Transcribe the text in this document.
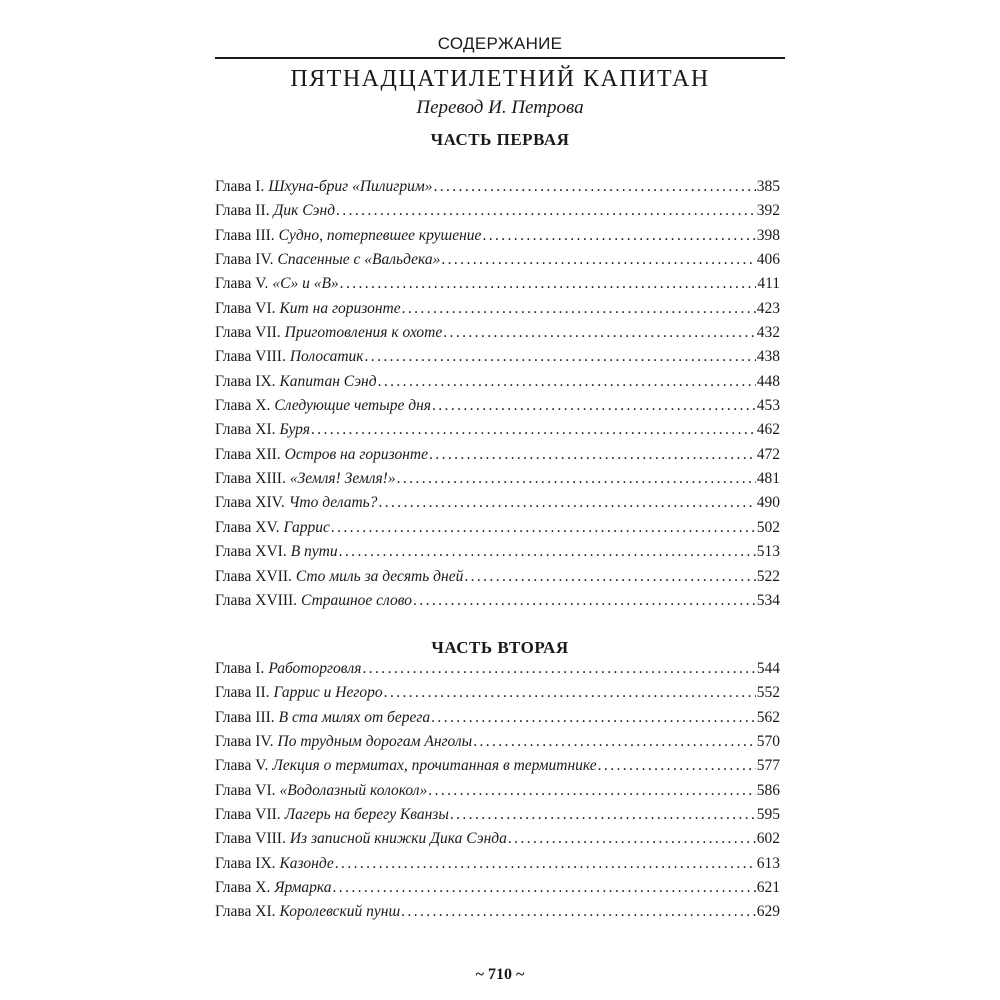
СОДЕРЖАНИЕ
ПЯТНАДЦАТИЛЕТНИЙ КАПИТАН
Перевод И. Петрова
ЧАСТЬ ПЕРВАЯ
Глава I. Шхуна-бриг «Пилигрим» .....	385
Глава II. Дик Сэнд .....	392
Глава III. Судно, потерпевшее крушение .....	398
Глава IV. Спасенные с «Вальдека» .....	406
Глава V. «С» и «В» .....	411
Глава VI. Кит на горизонте .....	423
Глава VII. Приготовления к охоте .....	432
Глава VIII. Полосатик .....	438
Глава IX. Капитан Сэнд .....	448
Глава X. Следующие четыре дня .....	453
Глава XI. Буря .....	462
Глава XII. Остров на горизонте .....	472
Глава XIII. «Земля! Земля!» .....	481
Глава XIV. Что делать? .....	490
Глава XV. Гаррис .....	502
Глава XVI. В пути .....	513
Глава XVII. Сто миль за десять дней .....	522
Глава XVIII. Страшное слово .....	534
ЧАСТЬ ВТОРАЯ
Глава I. Работорговля .....	544
Глава II. Гаррис и Негоро .....	552
Глава III. В ста милях от берега .....	562
Глава IV. По трудным дорогам Анголы .....	570
Глава V. Лекция о термитах, прочитанная в термитнике .....	577
Глава VI. «Водолазный колокол» .....	586
Глава VII. Лагерь на берегу Кванзы .....	595
Глава VIII. Из записной книжки Дика Сэнда .....	602
Глава IX. Казонде .....	613
Глава X. Ярмарка .....	621
Глава XI. Королевский пунш .....	629
~ 710 ~
